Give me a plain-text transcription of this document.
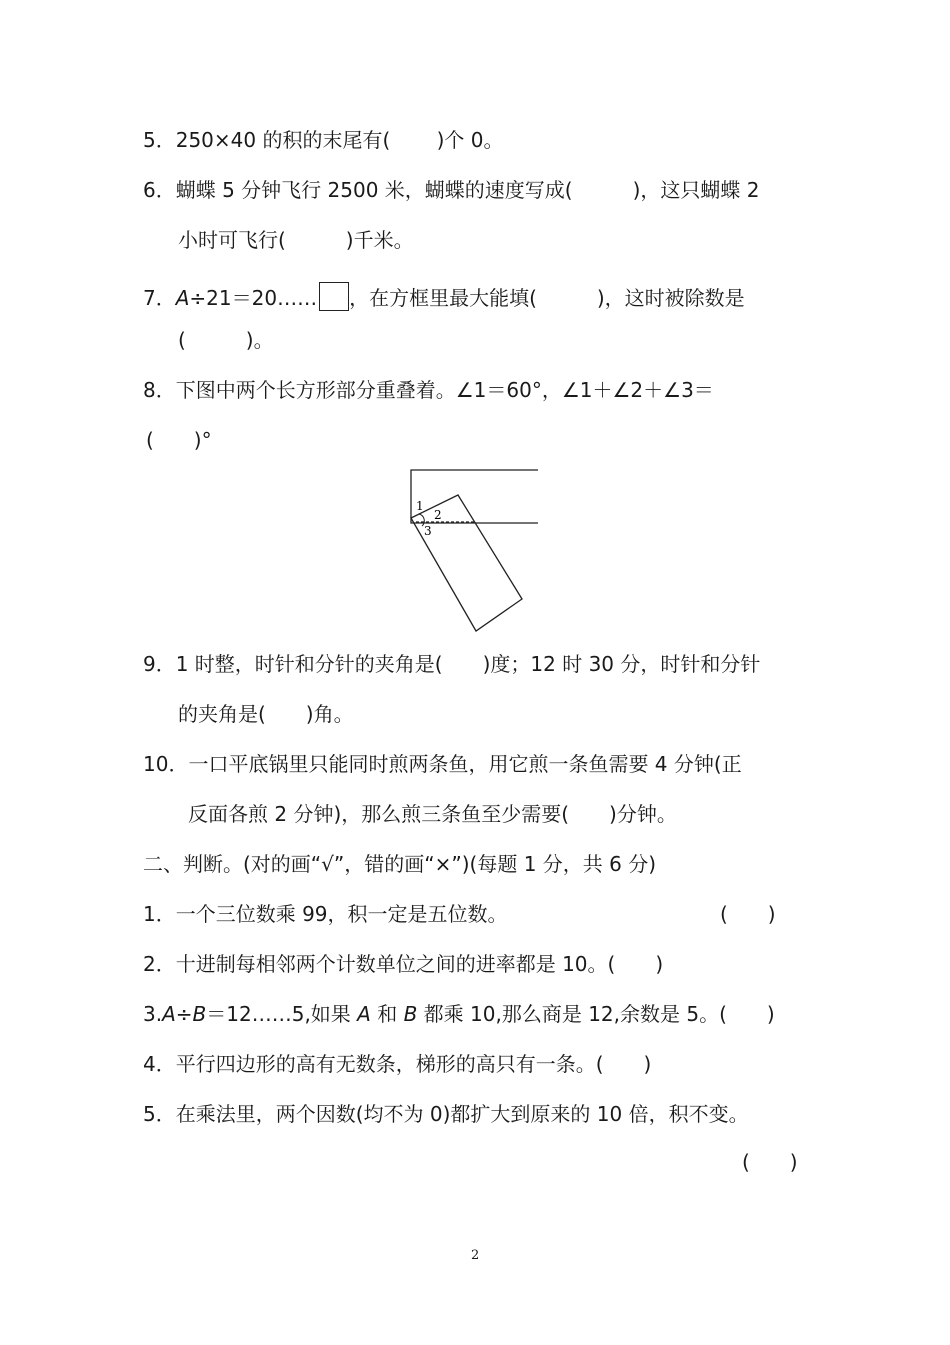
5．250×40 的积的末尾有(　　 )个 0。
6．蝴蝶 5 分钟飞行 2500 米，蝴蝶的速度写成(　　　)，这只蝴蝶 2
小时可飞行(　　　)千米。
7．A÷21＝20…… ，在方框里最大能填(　　　)，这时被除数是
(　　　)。
8．下图中两个长方形部分重叠着。∠1＝60°，∠1＋∠2＋∠3＝
(　　)°
1
2
3
9．1 时整，时针和分针的夹角是(　　)度；12 时 30 分，时针和分针
的夹角是(　　)角。
10．一口平底锅里只能同时煎两条鱼，用它煎一条鱼需要 4 分钟(正
反面各煎 2 分钟)，那么煎三条鱼至少需要(　　)分钟。
二、判断。(对的画“√”，错的画“×”)(每题 1 分，共 6 分)
1．一个三位数乘 99，积一定是五位数。	(　　)
2．十进制每相邻两个计数单位之间的进率都是 10。(　　)
3.A÷B＝12……5,如果 A 和 B 都乘 10,那么商是 12,余数是 5。(　　)
4．平行四边形的高有无数条，梯形的高只有一条。(　　)
5．在乘法里，两个因数(均不为 0)都扩大到原来的 10 倍，积不变。
(　　)
2
